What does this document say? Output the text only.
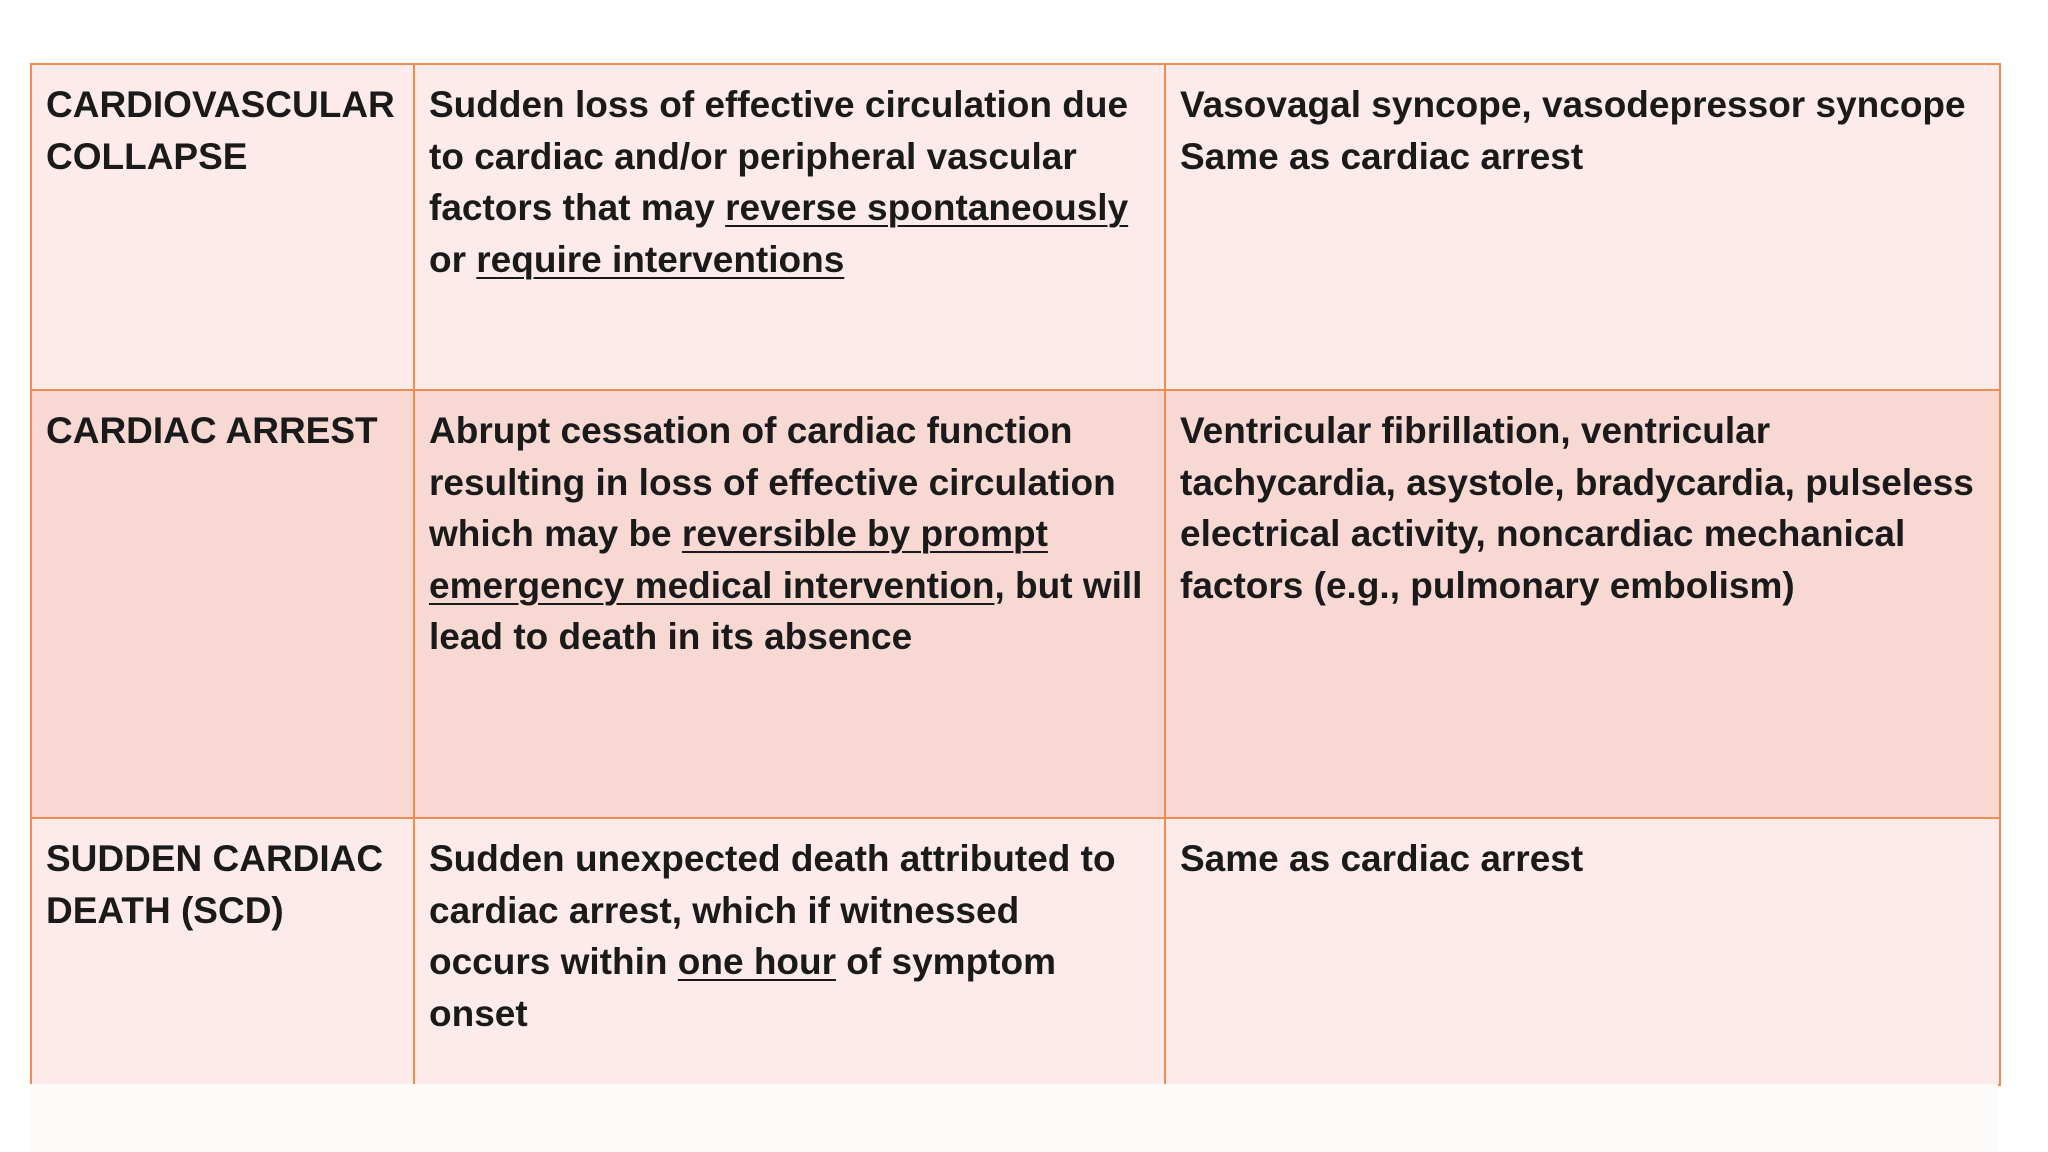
CARDIOVASCULAR COLLAPSE	Sudden loss of effective circulation due to cardiac and/or peripheral vascular factors that may reverse spontaneously or require interventions	Vasovagal syncope, vasodepressor syncope
Same as cardiac arrest

CARDIAC ARREST	Abrupt cessation of cardiac function resulting in loss of effective circulation which may be reversible by prompt emergency medical intervention, but will lead to death in its absence	Ventricular fibrillation, ventricular tachycardia, asystole, bradycardia, pulseless electrical activity, noncardiac mechanical factors (e.g., pulmonary embolism)

SUDDEN CARDIAC DEATH (SCD)	Sudden unexpected death attributed to cardiac arrest, which if witnessed occurs within one hour of symptom onset	Same as cardiac arrest
